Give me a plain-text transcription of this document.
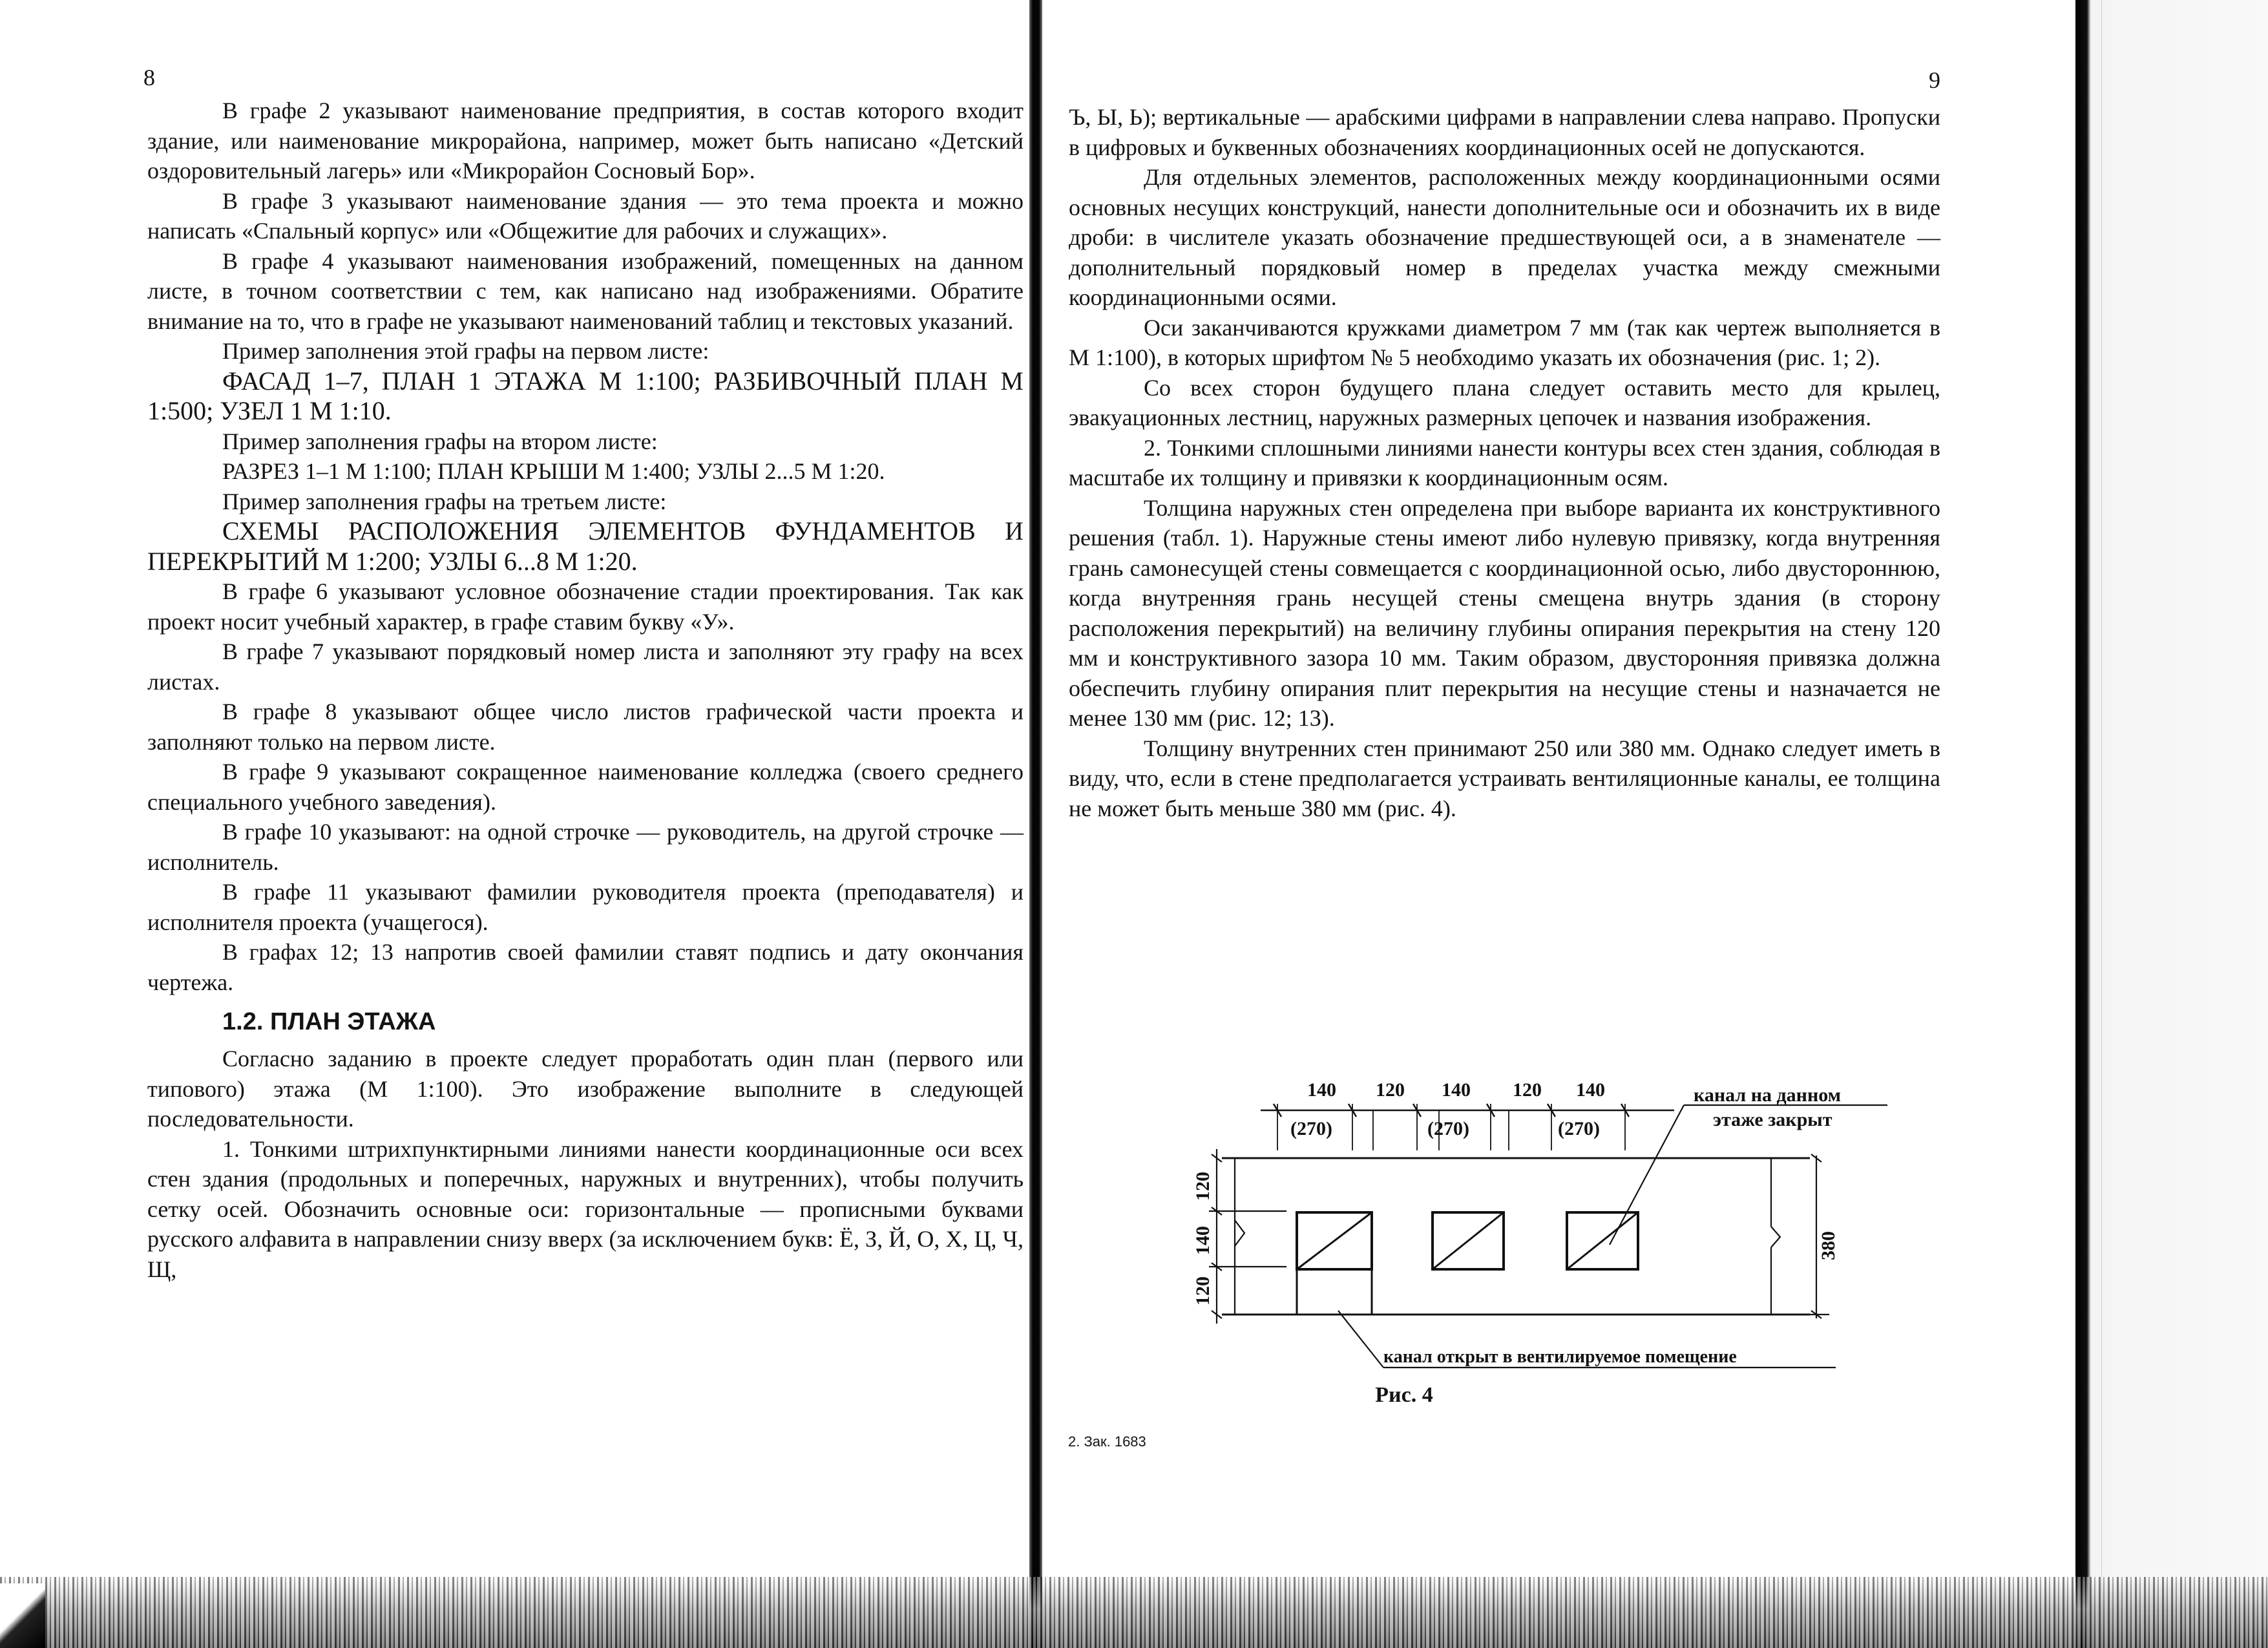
8

В графе 2 указывают наименование предприятия, в состав которого входит здание, или наименование микрорайона, например, может быть написано «Детский оздоровительный лагерь» или «Микрорайон Сосновый Бор».

В графе 3 указывают наименование здания — это тема проекта и можно написать «Спальный корпус» или «Общежитие для рабочих и служащих».

В графе 4 указывают наименования изображений, помещенных на данном листе, в точном соответствии с тем, как написано над изображениями. Обратите внимание на то, что в графе не указывают наименований таблиц и текстовых указаний.

Пример заполнения этой графы на первом листе:

ФАСАД 1–7, ПЛАН 1 ЭТАЖА М 1:100; РАЗБИВОЧНЫЙ ПЛАН М 1:500; УЗЕЛ 1 М 1:10.

Пример заполнения графы на втором листе:

РАЗРЕЗ 1–1 М 1:100; ПЛАН КРЫШИ М 1:400; УЗЛЫ 2...5 М 1:20.

Пример заполнения графы на третьем листе:

СХЕМЫ РАСПОЛОЖЕНИЯ ЭЛЕМЕНТОВ ФУНДАМЕНТОВ И ПЕРЕКРЫТИЙ М 1:200; УЗЛЫ 6...8 М 1:20.

В графе 6 указывают условное обозначение стадии проектирования. Так как проект носит учебный характер, в графе ставим букву «У».

В графе 7 указывают порядковый номер листа и заполняют эту графу на всех листах.

В графе 8 указывают общее число листов графической части проекта и заполняют только на первом листе.

В графе 9 указывают сокращенное наименование колледжа (своего среднего специального учебного заведения).

В графе 10 указывают: на одной строчке — руководитель, на другой строчке — исполнитель.

В графе 11 указывают фамилии руководителя проекта (преподавателя) и исполнителя проекта (учащегося).

В графах 12; 13 напротив своей фамилии ставят подпись и дату окончания чертежа.

1.2. ПЛАН ЭТАЖА

Согласно заданию в проекте следует проработать один план (первого или типового) этажа (М 1:100). Это изображение выполните в следующей последовательности.

1. Тонкими штрихпунктирными линиями нанести координационные оси всех стен здания (продольных и поперечных, наружных и внутренних), чтобы получить сетку осей. Обозначить основные оси: горизонтальные — прописными буквами русского алфавита в направлении снизу вверх (за исключением букв: Ё, З, Й, О, Х, Ц, Ч, Щ,

9

Ъ, Ы, Ь); вертикальные — арабскими цифрами в направлении слева направо. Пропуски в цифровых и буквенных обозначениях координационных осей не допускаются.

Для отдельных элементов, расположенных между координационными осями основных несущих конструкций, нанести дополнительные оси и обозначить их в виде дроби: в числителе указать обозначение предшествующей оси, а в знаменателе — дополнительный порядковый номер в пределах участка между смежными координационными осями.

Оси заканчиваются кружками диаметром 7 мм (так как чертеж выполняется в М 1:100), в которых шрифтом № 5 необходимо указать их обозначения (рис. 1; 2).

Со всех сторон будущего плана следует оставить место для крылец, эвакуационных лестниц, наружных размерных цепочек и названия изображения.

2. Тонкими сплошными линиями нанести контуры всех стен здания, соблюдая в масштабе их толщину и привязки к координационным осям.

Толщина наружных стен определена при выборе варианта их конструктивного решения (табл. 1). Наружные стены имеют либо нулевую привязку, когда внутренняя грань самонесущей стены совмещается с координационной осью, либо двустороннюю, когда внутренняя грань несущей стены смещена внутрь здания (в сторону расположения перекрытий) на величину глубины опирания перекрытия на стену 120 мм и конструктивного зазора 10 мм. Таким образом, двусторонняя привязка должна обеспечить глубину опирания плит перекрытия на несущие стены и назначается не менее 130 мм (рис. 12; 13).

Толщину внутренних стен принимают 250 или 380 мм. Однако следует иметь в виду, что, если в стене предполагается устраивать вентиляционные каналы, ее толщина не может быть меньше 380 мм (рис. 4).

140 120 140 120 140
(270)	(270)	(270)
120
140
120
380
канал на данном
этаже закрыт
канал открыт в вентилируемое помещение
Рис. 4
2. Зак. 1683
